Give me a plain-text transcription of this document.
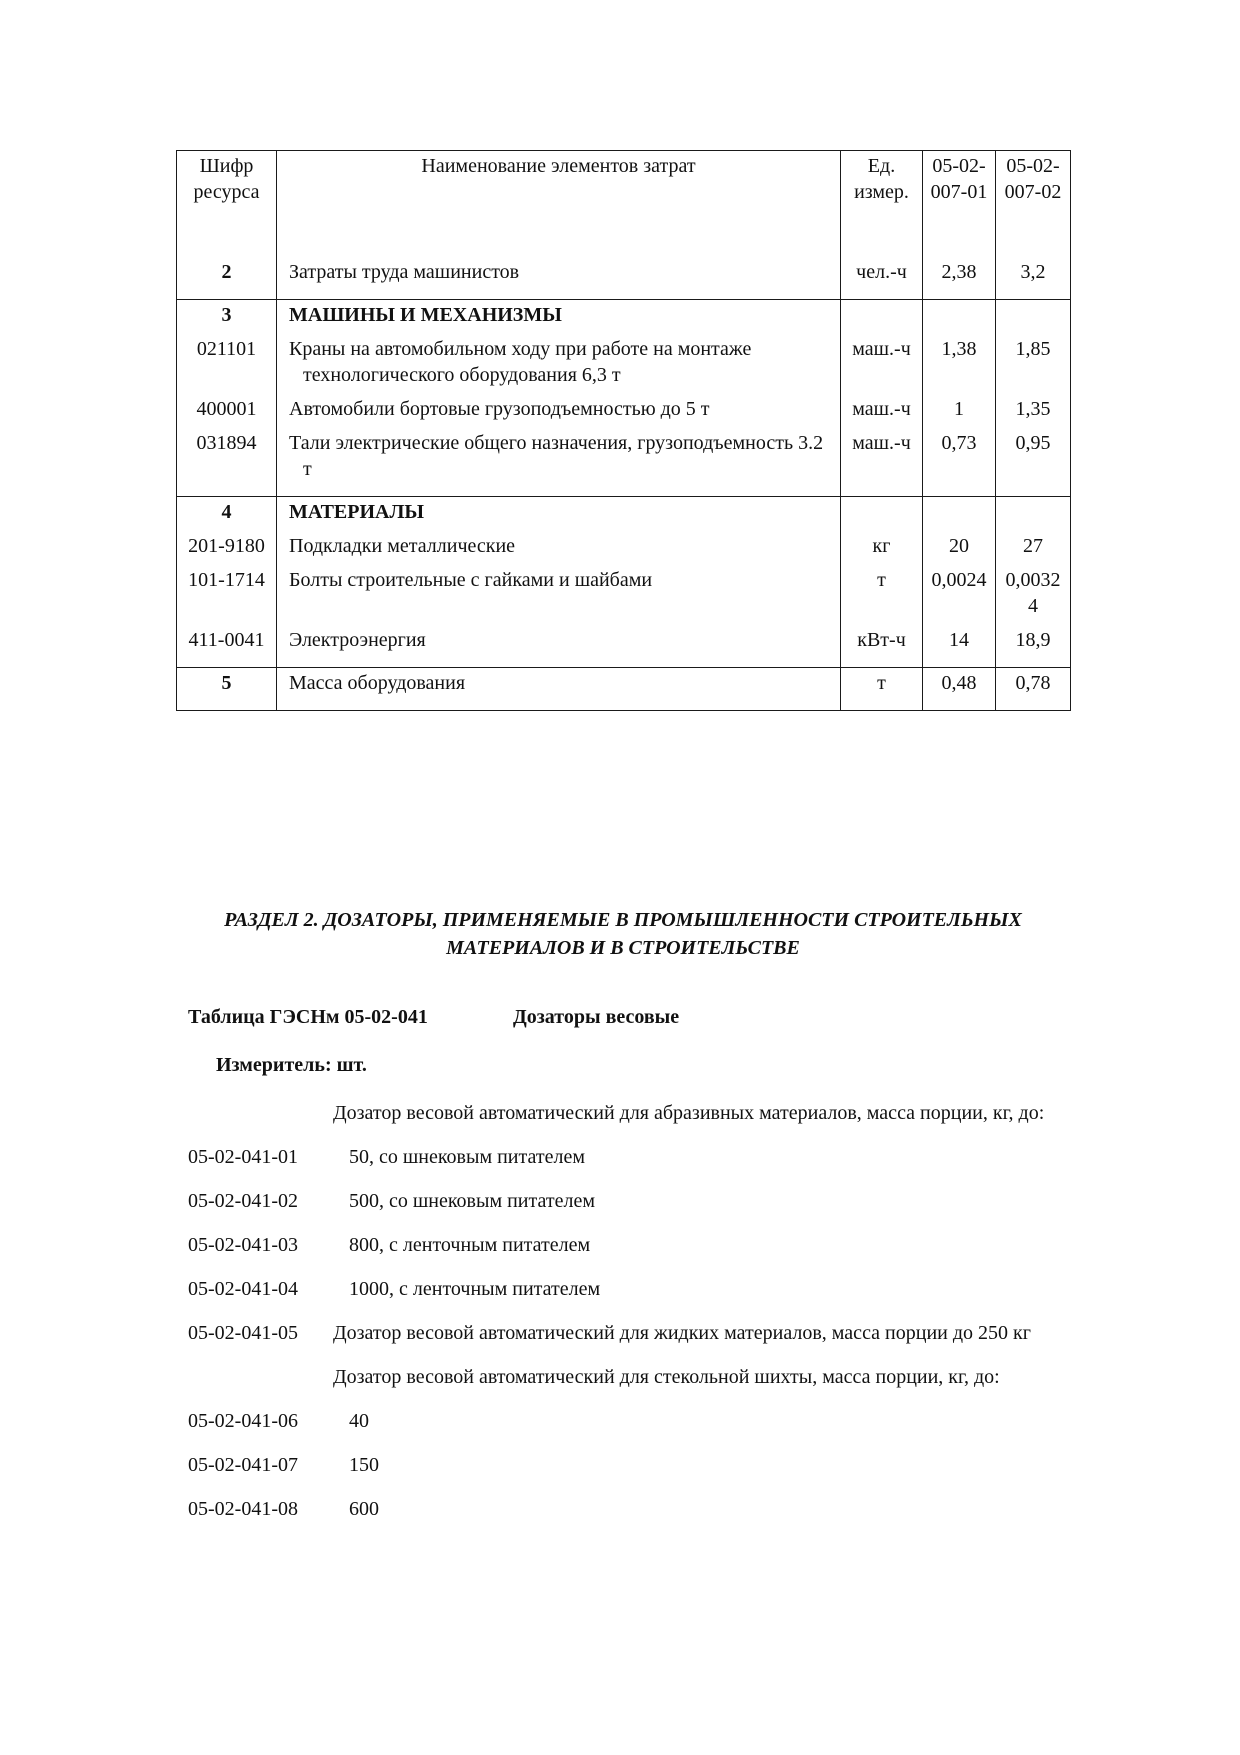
Шифр ресурса	Наименование элементов затрат	Ед. измер.	05-02-007-01	05-02-007-02
2	Затраты труда машинистов	чел.-ч	2,38	3,2
3	МАШИНЫ И МЕХАНИЗМЫ			
021101	Краны на автомобильном ходу при работе на монтаже технологического оборудования 6,3 т	маш.-ч	1,38	1,85
400001	Автомобили бортовые грузоподъемностью до 5 т	маш.-ч	1	1,35
031894	Тали электрические общего назначения, грузоподъемность 3.2 т	маш.-ч	0,73	0,95
4	МАТЕРИАЛЫ			
201-9180	Подкладки металлические	кг	20	27
101-1714	Болты строительные с гайками и шайбами	т	0,0024	0,00324
411-0041	Электроэнергия	кВт-ч	14	18,9
5	Масса оборудования	т	0,48	0,78
РАЗДЕЛ 2. ДОЗАТОРЫ, ПРИМЕНЯЕМЫЕ В ПРОМЫШЛЕННОСТИ СТРОИТЕЛЬНЫХ
МАТЕРИАЛОВ И В СТРОИТЕЛЬСТВЕ
Таблица ГЭСНм 05-02-041	Дозаторы весовые
Измеритель: шт.
Дозатор весовой автоматический для абразивных материалов, масса порции, кг, до:
05-02-041-01	50, со шнековым питателем
05-02-041-02	500, со шнековым питателем
05-02-041-03	800, с ленточным питателем
05-02-041-04	1000, с ленточным питателем
05-02-041-05	Дозатор весовой автоматический для жидких материалов, масса порции до 250 кг
Дозатор весовой автоматический для стекольной шихты, масса порции, кг, до:
05-02-041-06	40
05-02-041-07	150
05-02-041-08	600
